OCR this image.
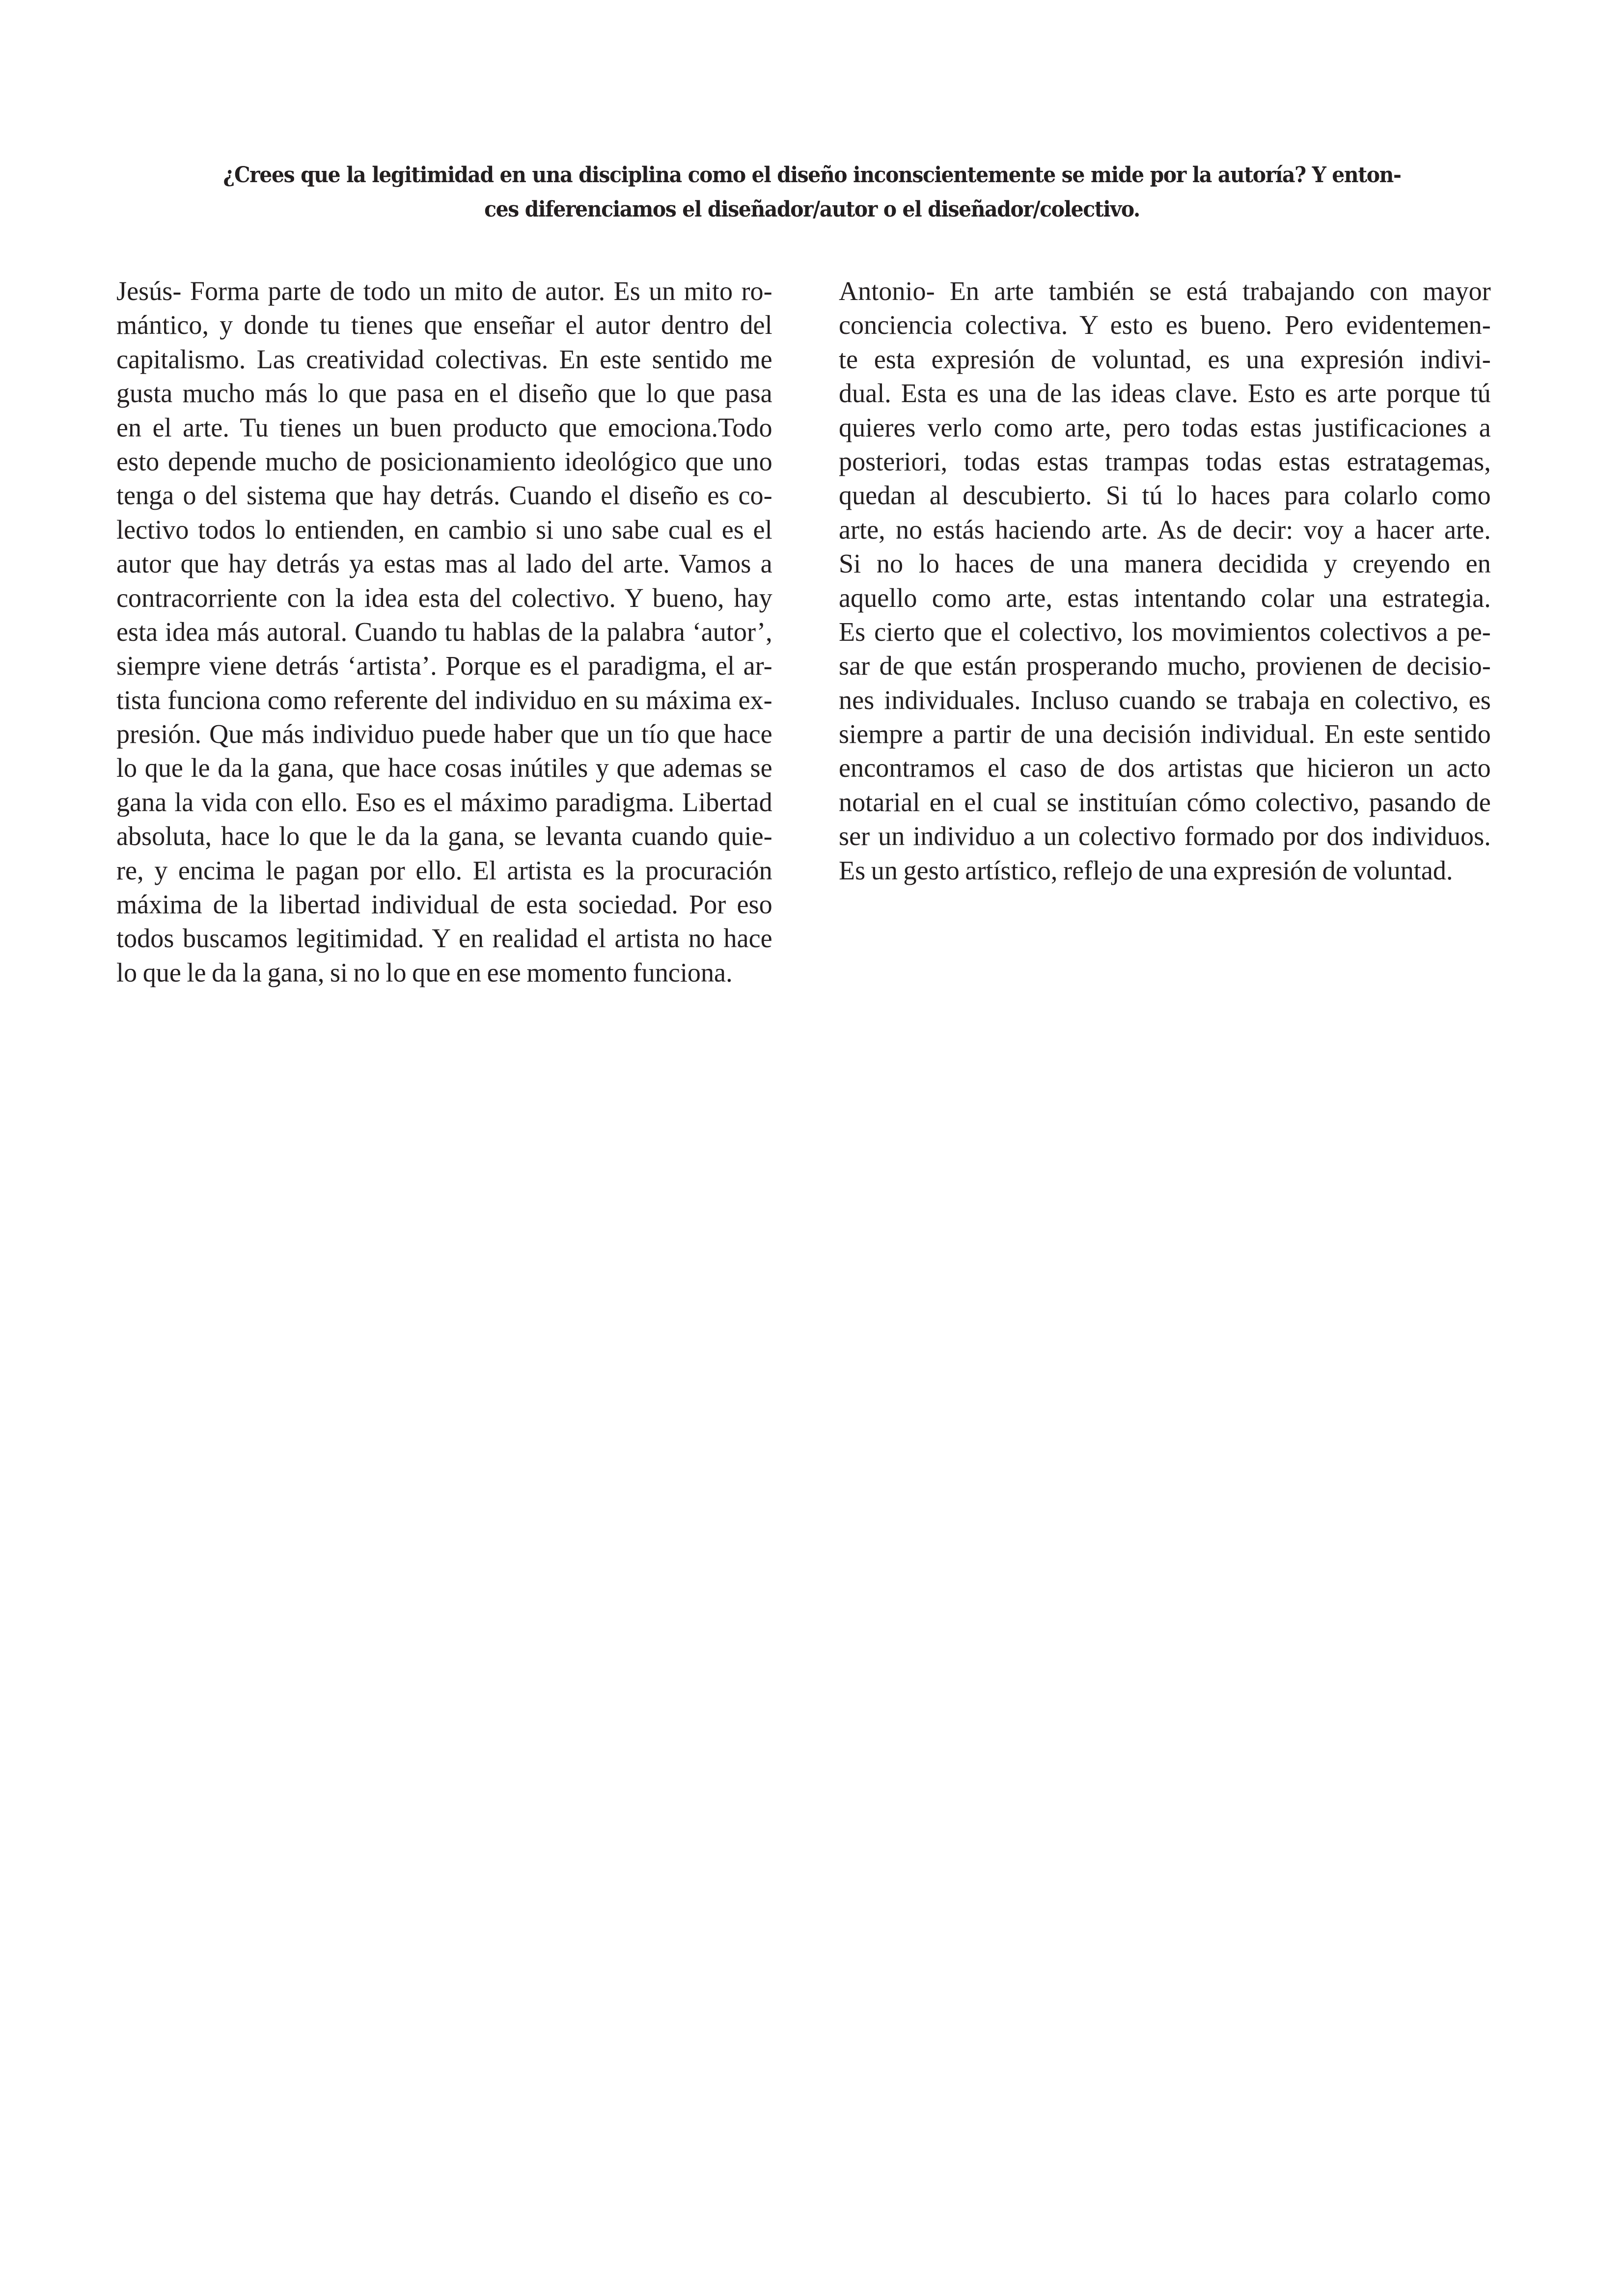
¿Crees que la legitimidad en una disciplina como el diseño inconscientemente se mide por la autoría? Y enton-
ces diferenciamos el diseñador/autor o el diseñador/colectivo.
Jesús- Forma parte de todo un mito de autor. Es un mito ro-
mántico, y donde tu tienes que enseñar el autor dentro del
capitalismo. Las creatividad colectivas. En este sentido me
gusta mucho más lo que pasa en el diseño que lo que pasa
en el arte. Tu tienes un buen producto que emociona.Todo
esto depende mucho de posicionamiento ideológico que uno
tenga o del sistema que hay detrás. Cuando el diseño es co-
lectivo todos lo entienden, en cambio si uno sabe cual es el
autor que hay detrás ya estas mas al lado del arte. Vamos a
contracorriente con la idea esta del colectivo. Y bueno, hay
esta idea más autoral. Cuando tu hablas de la palabra ‘autor’,
siempre viene detrás ‘artista’. Porque es el paradigma, el ar-
tista funciona como referente del individuo en su máxima ex-
presión. Que más individuo puede haber que un tío que hace
lo que le da la gana, que hace cosas inútiles y que ademas se
gana la vida con ello. Eso es el máximo paradigma. Libertad
absoluta, hace lo que le da la gana, se levanta cuando quie-
re, y encima le pagan por ello. El artista es la procuración
máxima de la libertad individual de esta sociedad. Por eso
todos buscamos legitimidad. Y en realidad el artista no hace
lo que le da la gana, si no lo que en ese momento funciona.
Antonio- En arte también se está trabajando con mayor
conciencia colectiva. Y esto es bueno. Pero evidentemen-
te esta expresión de voluntad, es una expresión indivi-
dual. Esta es una de las ideas clave. Esto es arte porque tú
quieres verlo como arte, pero todas estas justificaciones a
posteriori, todas estas trampas todas estas estratagemas,
quedan al descubierto. Si tú lo haces para colarlo como
arte, no estás haciendo arte. As de decir: voy a hacer arte.
Si no lo haces de una manera decidida y creyendo en
aquello como arte, estas intentando colar una estrategia.
Es cierto que el colectivo, los movimientos colectivos a pe-
sar de que están prosperando mucho, provienen de decisio-
nes individuales. Incluso cuando se trabaja en colectivo, es
siempre a partir de una decisión individual. En este sentido
encontramos el caso de dos artistas que hicieron un acto
notarial en el cual se instituían cómo colectivo, pasando de
ser un individuo a un colectivo formado por dos individuos.
Es un gesto artístico, reflejo de una expresión de voluntad.
